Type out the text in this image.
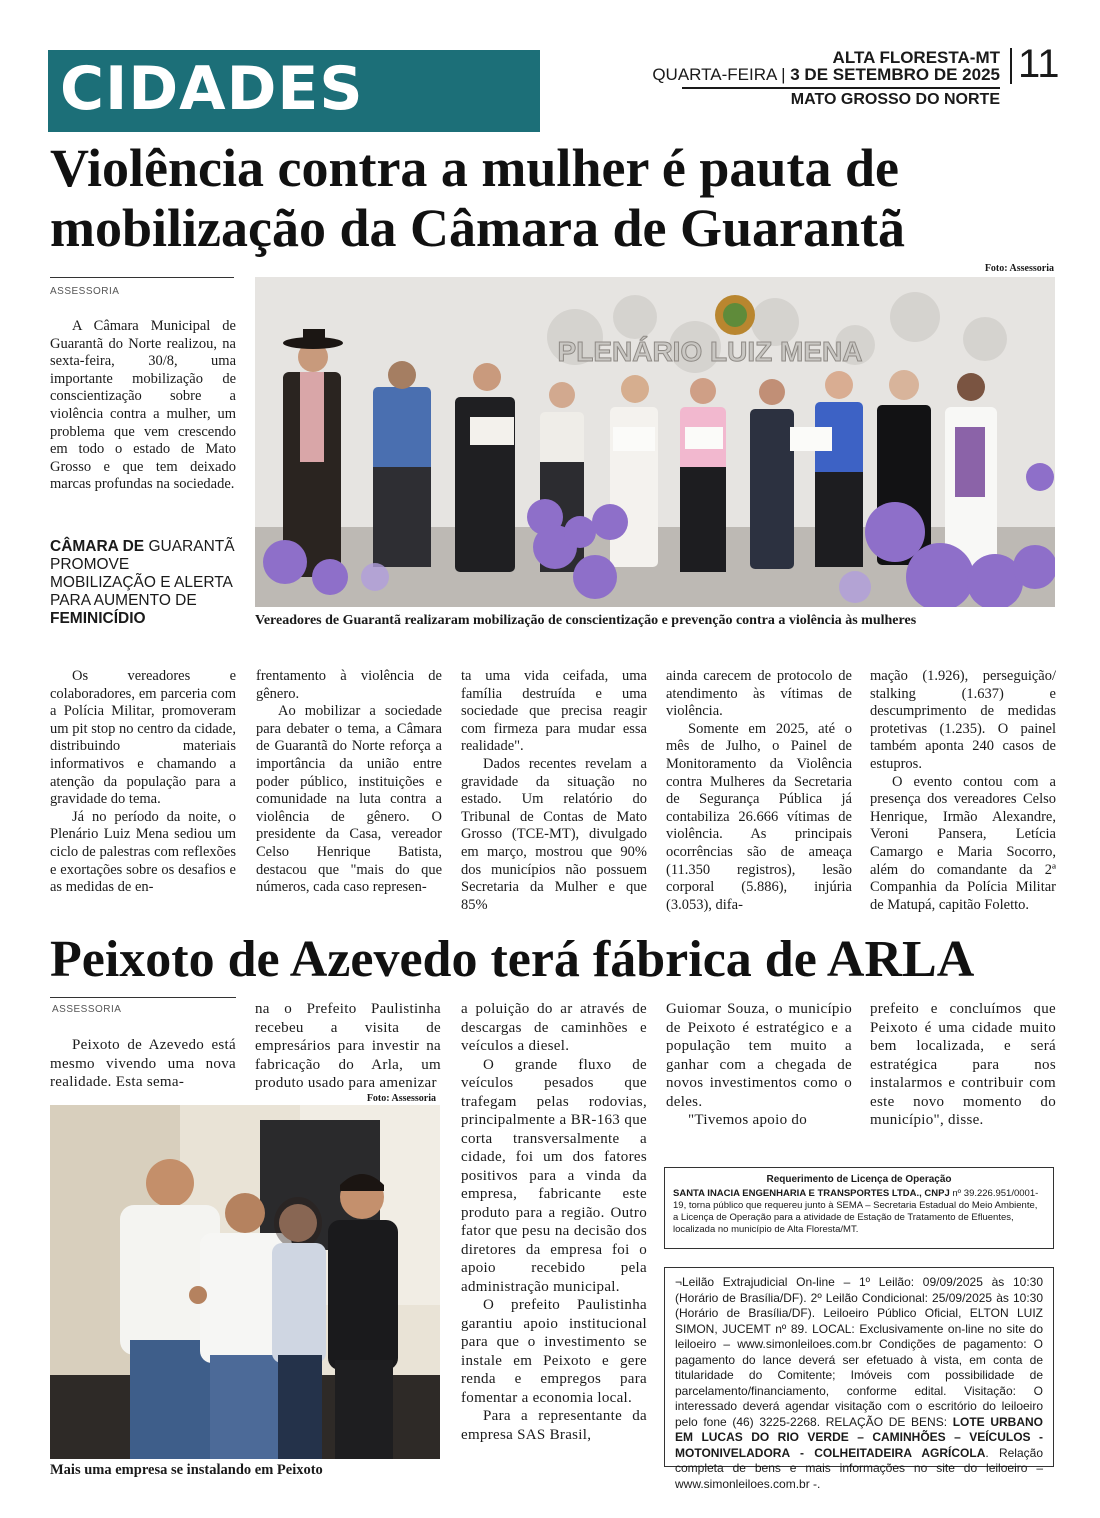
CIDADES	ALTA FLORESTA-MT
QUARTA-FEIRA | 3 DE SETEMBRO DE 2025
MATO GROSSO DO NORTE
11
Violência contra a mulher é pauta de mobilização da Câmara de Guarantã
Foto: Assessoria
ASSESSORIA

A Câmara Municipal de Guarantã do Norte realizou, na sexta-feira, 30/8, uma importante mobilização de conscientização sobre a violência contra a mulher, um problema que vem crescendo em todo o estado de Mato Grosso e que tem deixado marcas profundas na sociedade.

CÂMARA DE GUARANTÃ PROMOVE MOBILIZAÇÃO E ALERTA PARA AUMENTO DE FEMINICÍDIO
PLENÁRIO LUIZ MENA
Vereadores de Guarantã realizaram mobilização de conscientização e prevenção contra a violência às mulheres

Os vereadores e colaboradores, em parceria com a Polícia Militar, promoveram um pit stop no centro da cidade, distribuindo materiais informativos e chamando a atenção da população para a gravidade do tema.

Já no período da noite, o Plenário Luiz Mena sediou um ciclo de palestras com reflexões e exortações sobre os desafios e as medidas de en-

frentamento à violência de gênero.

Ao mobilizar a sociedade para debater o tema, a Câmara de Guarantã do Norte reforça a importância da união entre poder público, instituições e comunidade na luta contra a violência de gênero. O presidente da Casa, vereador Celso Henrique Batista, destacou que "mais do que números, cada caso represen-

ta uma vida ceifada, uma família destruída e uma sociedade que precisa reagir com firmeza para mudar essa realidade".

Dados recentes revelam a gravidade da situação no estado. Um relatório do Tribunal de Contas de Mato Grosso (TCE-MT), divulgado em março, mostrou que 90% dos municípios não possuem Secretaria da Mulher e que 85%

ainda carecem de protocolo de atendimento às vítimas de violência.

Somente em 2025, até o mês de Julho, o Painel de Monitoramento da Violência contra Mulheres da Secretaria de Segurança Pública já contabiliza 26.666 vítimas de violência. As principais ocorrências são de ameaça (11.350 registros), lesão corporal (5.886), injúria (3.053), difa-

mação (1.926), perseguição/ stalking (1.637) e descumprimento de medidas protetivas (1.235). O painel também aponta 240 casos de estupros.

O evento contou com a presença dos vereadores Celso Henrique, Irmão Alexandre, Veroni Pansera, Letícia Camargo e Maria Socorro, além do comandante da 2ª Companhia da Polícia Militar de Matupá, capitão Foletto.

Peixoto de Azevedo terá fábrica de ARLA
ASSESSORIA

Peixoto de Azevedo está mesmo vivendo uma nova realidade. Esta sema-

na o Prefeito Paulistinha recebeu a visita de empresários para investir na fabricação do Arla, um produto usado para amenizar

Foto: Assessoria
Mais uma empresa se instalando em Peixoto

a poluição do ar através de descargas de caminhões e veículos a diesel.

O grande fluxo de veículos pesados que trafegam pelas rodovias, principalmente a BR-163 que corta transversalmente a cidade, foi um dos fatores positivos para a vinda da empresa, fabricante este produto para a região. Outro fator que pesu na decisão dos diretores da empresa foi o apoio recebido pela administração municipal.

O prefeito Paulistinha garantiu apoio institucional para que o investimento se instale em Peixoto e gere renda e empregos para fomentar a economia local.

Para a representante da empresa SAS Brasil,

Guiomar Souza, o município de Peixoto é estratégico e a população tem muito a ganhar com a chegada de novos investimentos como o deles.

"Tivemos apoio do

prefeito e concluímos que Peixoto é uma cidade muito bem localizada, e será estratégica para nos instalarmos e contribuir com este novo momento do município", disse.

Requerimento de Licença de Operação
SANTA INACIA ENGENHARIA E TRANSPORTES LTDA., CNPJ nº 39.226.951/0001-19, torna público que requereu junto à SEMA – Secretaria Estadual do Meio Ambiente, a Licença de Operação para a atividade de Estação de Tratamento de Efluentes, localizada no município de Alta Floresta/MT.
¬Leilão Extrajudicial On-line – 1º Leilão: 09/09/2025 às 10:30 (Horário de Brasília/DF). 2º Leilão Condicional: 25/09/2025 às 10:30 (Horário de Brasília/DF). Leiloeiro Público Oficial, ELTON LUIZ SIMON, JUCEMT nº 89. LOCAL: Exclusivamente on-line no site do leiloeiro – www.simonleiloes.com.br Condições de pagamento: O pagamento do lance deverá ser efetuado à vista, em conta de titularidade do Comitente; Imóveis com possibilidade de parcelamento/financiamento, conforme edital. Visitação: O interessado deverá agendar visitação com o escritório do leiloeiro pelo fone (46) 3225-2268. RELAÇÃO DE BENS: LOTE URBANO EM LUCAS DO RIO VERDE – CAMINHÕES – VEÍCULOS - MOTONIVELADORA - COLHEITADEIRA AGRÍCOLA. Relação completa de bens e mais informações no site do leiloeiro – www.simonleiloes.com.br -.
